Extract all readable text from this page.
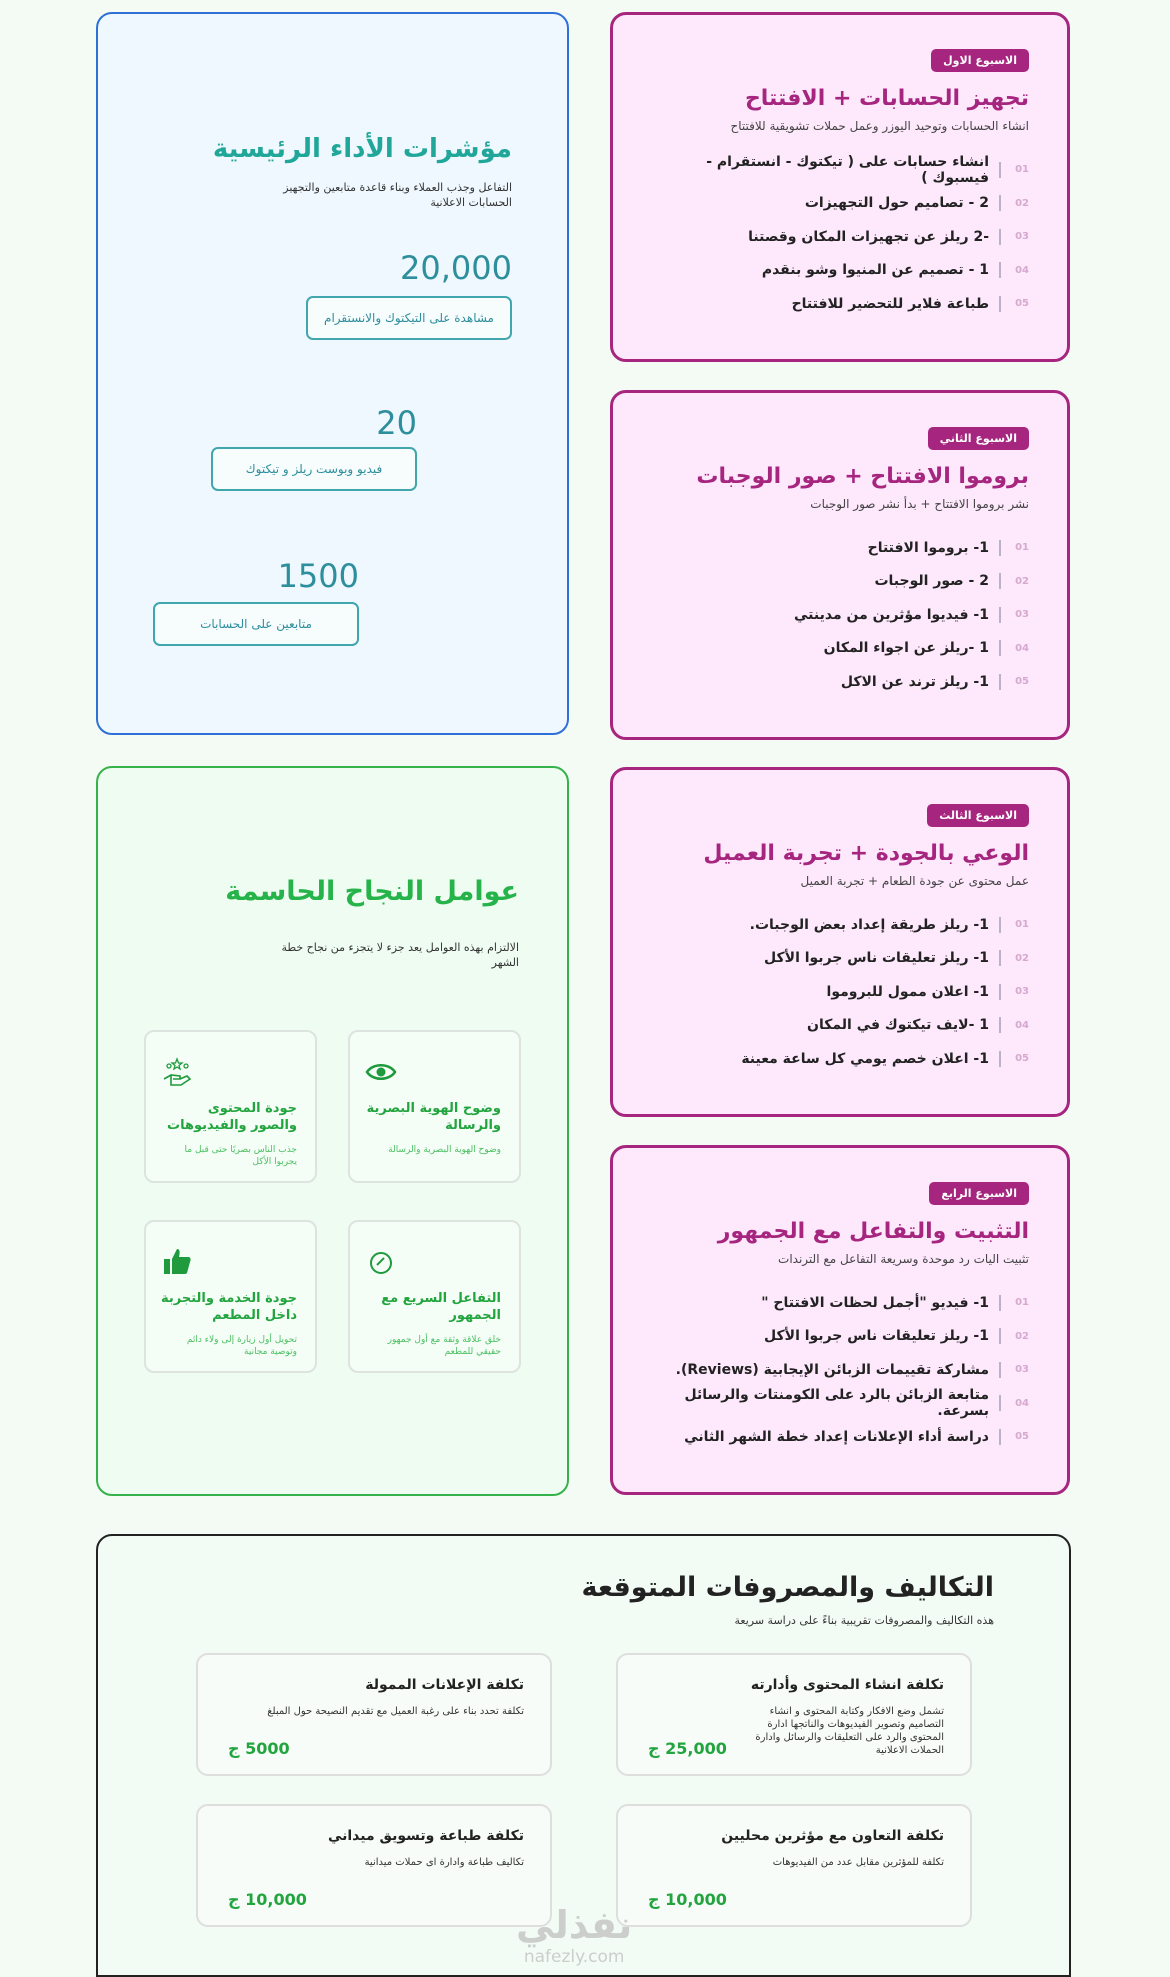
الاسبوع الاول
تجهيز الحسابات + الافتتاح
انشاء الحسابات وتوحيد اليوزر وعمل حملات تشويقية للافتتاح
01
انشاء حسابات على ( تيكتوك - انستقرام - فيسبوك )
02
2 - تصاميم حول التجهيزات
03
-2 ريلز عن تجهيزات المكان وقصتنا
04
1 - تصميم عن المنيوا وشو بنقدم
05
طباعة فلاير للتحضير للافتتاح
الاسبوع الثاني
بروموا الافتتاح + صور الوجبات
نشر بروموا الافتتاح + بدأ نشر صور الوجبات
01
1- بروموا الافتتاح
02
2 - صور الوجبات
03
1- فيديوا مؤثرين من مدينتي
04
1 -ريلز عن اجواء المكان
05
1- ريلز ترند عن الاكل
الاسبوع الثالث
الوعي بالجودة + تجربة العميل
عمل محتوى عن جودة الطعام + تجربة العميل
01
1- ريلز طريقة إعداد بعض الوجبات.
02
1- ريلز تعليقات ناس جربوا الأكل
03
1- اعلان ممول للبروموا
04
1 -لايف تيكتوك في المكان
05
1- اعلان خصم يومي كل ساعة معينة
الاسبوع الرابع
التثبيت والتفاعل مع الجمهور
تثبيت اليات رد موحدة وسريعة التفاعل مع الترندات
01
1- فيديو "أجمل لحظات الافتتاح "
02
1- ريلز تعليقات ناس جربوا الأكل
03
مشاركة تقييمات الزبائن الإيجابية (Reviews).
04
متابعة الزبائن بالرد على الكومنتات والرسائل بسرعة.
05
دراسة أداء الإعلانات إعداد خطة الشهر الثاني
مؤشرات الأداء الرئيسية
التفاعل وجذب العملاء وبناء قاعدة متابعين والتجهيز الحسابات الاعلانية
20,000
مشاهدة على التيكتوك والانستقرام
20
فيديو وبوست ريلز و تيكتوك
1500
متابعين على الحسابات
عوامل النجاح الحاسمة
الالتزام بهذه العوامل يعد جزء لا يتجزء من نجاح خطة الشهر
وضوح الهوية البصرية والرسالة

وضوح الهوية البصرية والرسالة

جودة المحتوى والصور والفيديوهات

جذب الناس بصريًا حتى قبل ما يجربوا الأكل

التفاعل السريع مع الجمهور

خلق علاقة وثقة مع أول جمهور حقيقي للمطعم

جودة الخدمة والتجربة داخل المطعم

تحويل أول زيارة إلى ولاء دائم وتوصية مجانية

التكاليف والمصروفات المتوقعة
هذه التكاليف والمصروفات تقريبية بناءً على دراسة سريعة
تكلفة انشاء المحتوى وأدارته

تشمل وضع الافكار وكتابة المحتوى و انشاء التصاميم وتصوير الفيديوهات والناتجها ادارة المحتوى والرد على التعليقات والرسائل وادارة الحملات الاعلانية

25,000 ج
تكلفة الإعلانات الممولة

تكلفة تحدد بناء على رغبة العميل مع تقديم النصيحة حول المبلغ

5000 ج
تكلفة التعاون مع مؤثرين محليين

تكلفة للمؤثرين مقابل عدد من الفيديوهات

10,000 ج
تكلفة طباعة وتسويق ميداني

تكاليف طباعة وادارة اى حملات ميدانية

10,000 ج
نفذلي
nafezly.com
